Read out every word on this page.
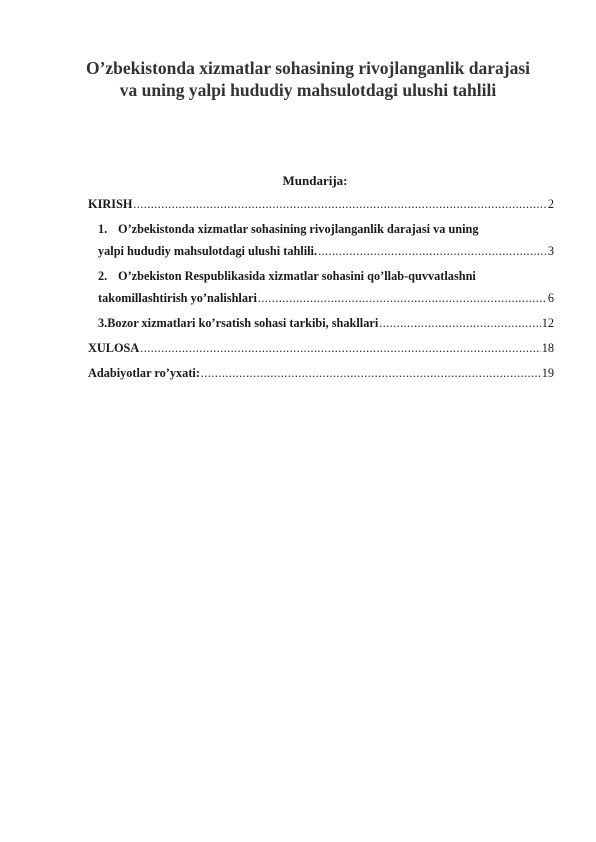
O’zbekistonda xizmatlar sohasining rivojlanganlik darajasi
va uning yalpi hududiy mahsulotdagi ulushi tahlili
Mundarija:
KIRISH .....	2
1. O’zbekistonda xizmatlar sohasining rivojlanganlik darajasi va uning
yalpi hududiy mahsulotdagi ulushi tahlili. .....	3
2. O’zbekiston Respublikasida xizmatlar sohasini qo’llab-quvvatlashni
takomillashtirish yo’nalishlari .....	6
3. Bozor xizmatlari ko’rsatish sohasi tarkibi, shakllari .....	12
XULOSA .....	18
Adabiyotlar ro’yxati: .....	19
